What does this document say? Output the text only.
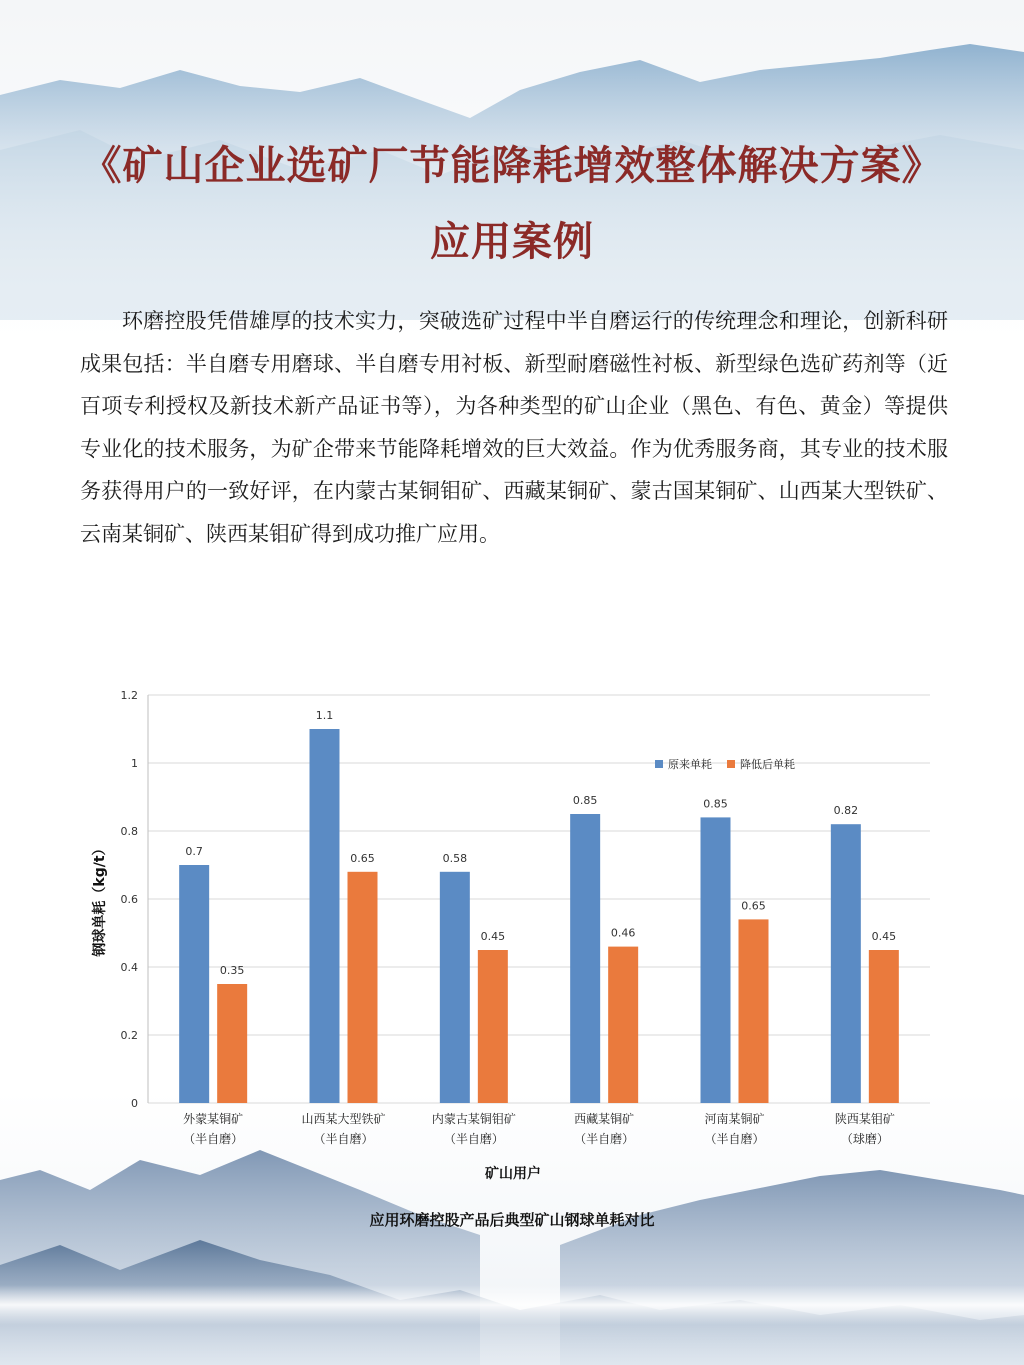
《矿山企业选矿厂节能降耗增效整体解决方案》
应用案例

环磨控股凭借雄厚的技术实力，突破选矿过程中半自磨运行的传统理念和理论，创新科研成果包括：半自磨专用磨球、半自磨专用衬板、新型耐磨磁性衬板、新型绿色选矿药剂等（近百项专利授权及新技术新产品证书等），为各种类型的矿山企业（黑色、有色、黄金）等提供专业化的技术服务，为矿企带来节能降耗增效的巨大效益。作为优秀服务商，其专业的技术服务获得用户的一致好评，在内蒙古某铜钼矿、西藏某铜矿、蒙古国某铜矿、山西某大型铁矿、云南某铜矿、陕西某钼矿得到成功推广应用。

0
0.2
0.4
0.6
0.8
1
1.2
0.7
0.35
外蒙某铜矿
（半自磨）
1.1
0.65
山西某大型铁矿
（半自磨）
0.58
0.45
内蒙古某铜钼矿
（半自磨）
0.85
0.46
西藏某铜矿
（半自磨）
0.85
0.65
河南某铜矿
（半自磨）
0.82
0.45
陕西某钼矿
（球磨）
原来单耗	降低后单耗
钢球单耗（kg/t）
矿山用户
应用环磨控股产品后典型矿山钢球单耗对比
